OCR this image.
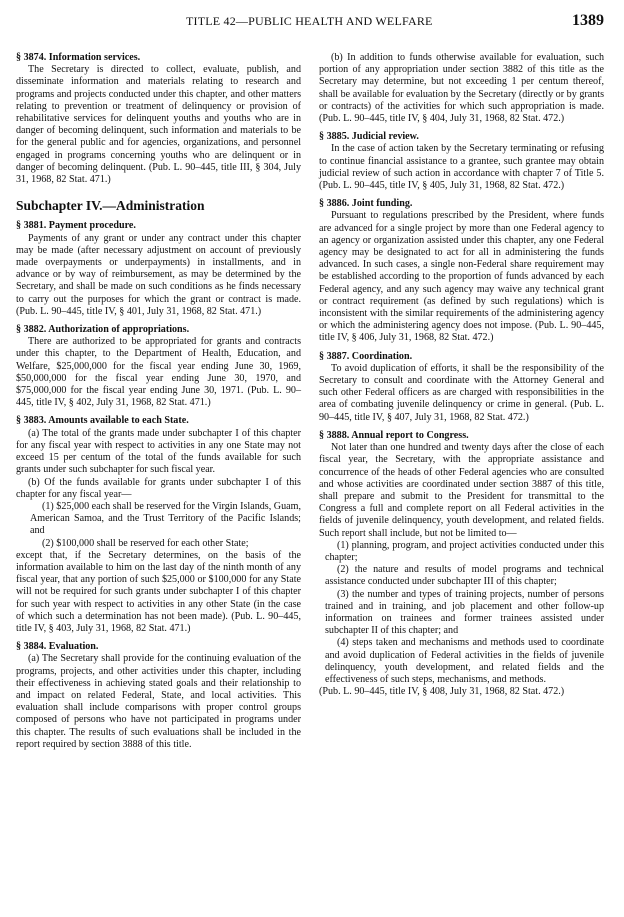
TITLE 42—PUBLIC HEALTH AND WELFARE	1389
§ 3874. Information services.

The Secretary is directed to collect, evaluate, publish, and disseminate information and materials relating to research and programs and projects conducted under this chapter, and other matters relating to prevention or treatment of delinquency or provision of rehabilitative services for delinquent youths and youths who are in danger of becoming delinquent, such information and materials to be for the general public and for agencies, organizations, and personnel engaged in programs concerning youths who are delinquent or in danger of becoming delinquent. (Pub. L. 90–445, title III, § 304, July 31, 1968, 82 Stat. 471.)

Subchapter IV.—Administration
§ 3881. Payment procedure.

Payments of any grant or under any contract under this chapter may be made (after necessary adjustment on account of previously made overpayments or underpayments) in installments, and in advance or by way of reimbursement, as may be determined by the Secretary, and shall be made on such conditions as he finds necessary to carry out the purposes for which the grant or contract is made. (Pub. L. 90–445, title IV, § 401, July 31, 1968, 82 Stat. 471.)

§ 3882. Authorization of appropriations.

There are authorized to be appropriated for grants and contracts under this chapter, to the Department of Health, Education, and Welfare, $25,000,000 for the fiscal year ending June 30, 1969, $50,000,000 for the fiscal year ending June 30, 1970, and $75,000,000 for the fiscal year ending June 30, 1971. (Pub. L. 90–445, title IV, § 402, July 31, 1968, 82 Stat. 471.)

§ 3883. Amounts available to each State.

(a) The total of the grants made under subchapter I of this chapter for any fiscal year with respect to activities in any one State may not exceed 15 per centum of the total of the funds available for such grants under such subchapter for such fiscal year.

(b) Of the funds available for grants under subchapter I of this chapter for any fiscal year—

(1) $25,000 each shall be reserved for the Virgin Islands, Guam, American Samoa, and the Trust Territory of the Pacific Islands; and

(2) $100,000 shall be reserved for each other State;

except that, if the Secretary determines, on the basis of the information available to him on the last day of the ninth month of any fiscal year, that any portion of such $25,000 or $100,000 for any State will not be required for such grants under subchapter I of this chapter for such year with respect to activities in any other State (in the case of which such a determination has not been made). (Pub. L. 90–445, title IV, § 403, July 31, 1968, 82 Stat. 471.)

§ 3884. Evaluation.

(a) The Secretary shall provide for the continuing evaluation of the programs, projects, and other activities under this chapter, including their effectiveness in achieving stated goals and their relationship to and impact on related Federal, State, and local activities. This evaluation shall include comparisons with proper control groups composed of persons who have not participated in programs under this chapter. The results of such evaluations shall be included in the report required by section 3888 of this title.

(b) In addition to funds otherwise available for evaluation, such portion of any appropriation under section 3882 of this title as the Secretary may determine, but not exceeding 1 per centum thereof, shall be available for evaluation by the Secretary (directly or by grants or contracts) of the activities for which such appropriation is made. (Pub. L. 90–445, title IV, § 404, July 31, 1968, 82 Stat. 472.)

§ 3885. Judicial review.

In the case of action taken by the Secretary terminating or refusing to continue financial assistance to a grantee, such grantee may obtain judicial review of such action in accordance with chapter 7 of Title 5. (Pub. L. 90–445, title IV, § 405, July 31, 1968, 82 Stat. 472.)

§ 3886. Joint funding.

Pursuant to regulations prescribed by the President, where funds are advanced for a single project by more than one Federal agency to an agency or organization assisted under this chapter, any one Federal agency may be designated to act for all in administering the funds advanced. In such cases, a single non-Federal share requirement may be established according to the proportion of funds advanced by each Federal agency, and any such agency may waive any technical grant or contract requirement (as defined by such regulations) which is inconsistent with the similar requirements of the administering agency or which the administering agency does not impose. (Pub. L. 90–445, title IV, § 406, July 31, 1968, 82 Stat. 472.)

§ 3887. Coordination.

To avoid duplication of efforts, it shall be the responsibility of the Secretary to consult and coordinate with the Attorney General and such other Federal officers as are charged with responsibilities in the area of combating juvenile delinquency or crime in general. (Pub. L. 90–445, title IV, § 407, July 31, 1968, 82 Stat. 472.)

§ 3888. Annual report to Congress.

Not later than one hundred and twenty days after the close of each fiscal year, the Secretary, with the appropriate assistance and concurrence of the heads of other Federal agencies who are consulted and whose activities are coordinated under section 3887 of this title, shall prepare and submit to the President for transmittal to the Congress a full and complete report on all Federal activities in the fields of juvenile delinquency, youth development, and related fields. Such report shall include, but not be limited to—

(1) planning, program, and project activities conducted under this chapter;

(2) the nature and results of model programs and technical assistance conducted under subchapter III of this chapter;

(3) the number and types of training projects, number of persons trained and in training, and job placement and other follow-up information on trainees and former trainees assisted under subchapter II of this chapter; and

(4) steps taken and mechanisms and methods used to coordinate and avoid duplication of Federal activities in the fields of juvenile delinquency, youth development, and related fields and the effectiveness of such steps, mechanisms, and methods.

(Pub. L. 90–445, title IV, § 408, July 31, 1968, 82 Stat. 472.)
